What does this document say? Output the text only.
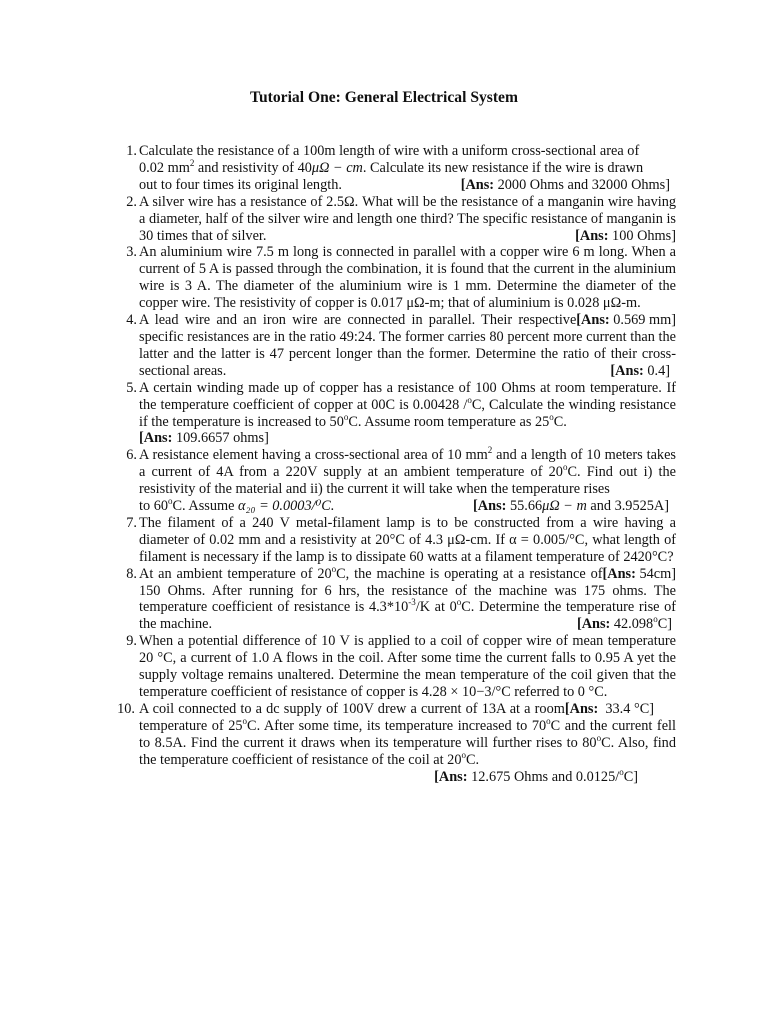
Tutorial One: General Electrical System
1. Calculate the resistance of a 100m length of wire with a uniform cross-sectional area of
0.02 $mm^2$ and resistivity of 40μΩ − cm. Calculate its new resistance if the wire is drawn
out to four times its original length.	[Ans: 2000 Ohms and 32000 Ohms]
2. A silver wire has a resistance of 2.5Ω. What will be the resistance of a manganin wire having a diameter, half of the silver wire and length one third? The specific resistance of manganin is 30 times that of silver.	[Ans: 100 Ohms]
3. An aluminium wire 7.5 m long is connected in parallel with a copper wire 6 m long. When a current of 5 A is passed through the combination, it is found that the current in the aluminium wire is 3 A. The diameter of the aluminium wire is 1 mm. Determine the diameter of the copper wire. The resistivity of copper is 0.017 μΩ-m; that of aluminium is 0.028 μΩ-m.
[Ans: 0.569 mm]
4. A lead wire and an iron wire are connected in parallel. Their respective specific resistances are in the ratio 49:24. The former carries 80 percent more current than the latter and the latter is 47 percent longer than the former. Determine the ratio of their cross-sectional areas.	[Ans: 0.4]
5. A certain winding made up of copper has a resistance of 100 Ohms at room temperature. If the temperature coefficient of copper at 00C is 0.00428 /$^o$C, Calculate the winding resistance if the temperature is increased to 50$^o$C. Assume room temperature as 25$^o$C.
[Ans: 109.6657 ohms]
6. A resistance element having a cross-sectional area of 10 $mm^2$ and a length of 10 meters takes a current of 4A from a 220V supply at an ambient temperature of 20$^o$C. Find out i) the resistivity of the material and ii) the current it will take when the temperature rises
to 60$^o$C. Assume α₂₀ = 0.0003/⁰C.	[Ans: 55.66μΩ − m and 3.9525A]
7. The filament of a 240 V metal-filament lamp is to be constructed from a wire having a diameter of 0.02 mm and a resistivity at 20°C of 4.3 μΩ-cm. If α = 0.005/°C, what length of filament is necessary if the lamp is to dissipate 60 watts at a filament temperature of 2420°C?
[Ans: 54cm]
8. At an ambient temperature of 20$^o$C, the machine is operating at a resistance of 150 Ohms. After running for 6 hrs, the resistance of the machine was 175 ohms. The temperature coefficient of resistance is $4.3*10^{-3}/K$ at 0$^o$C. Determine the temperature rise of the machine.	[Ans: 42.098$^o$C]
9. When a potential difference of 10 V is applied to a coil of copper wire of mean temperature 20 °C, a current of 1.0 A flows in the coil. After some time the current falls to 0.95 A yet the supply voltage remains unaltered. Determine the mean temperature of the coil given that the temperature coefficient of resistance of copper is 4.28 × 10−3/°C referred to 0 °C.
[Ans:  33.4 °C]
10. A coil connected to a dc supply of 100V drew a current of 13A at a room temperature of 25$^o$C. After some time, its temperature increased to 70$^o$C and the current fell to 8.5A. Find the current it draws when its temperature will further rises to 80$^o$C. Also, find the temperature coefficient of resistance of the coil at 20$^o$C.
[Ans: 12.675 Ohms and 0.0125/$^o$C]
